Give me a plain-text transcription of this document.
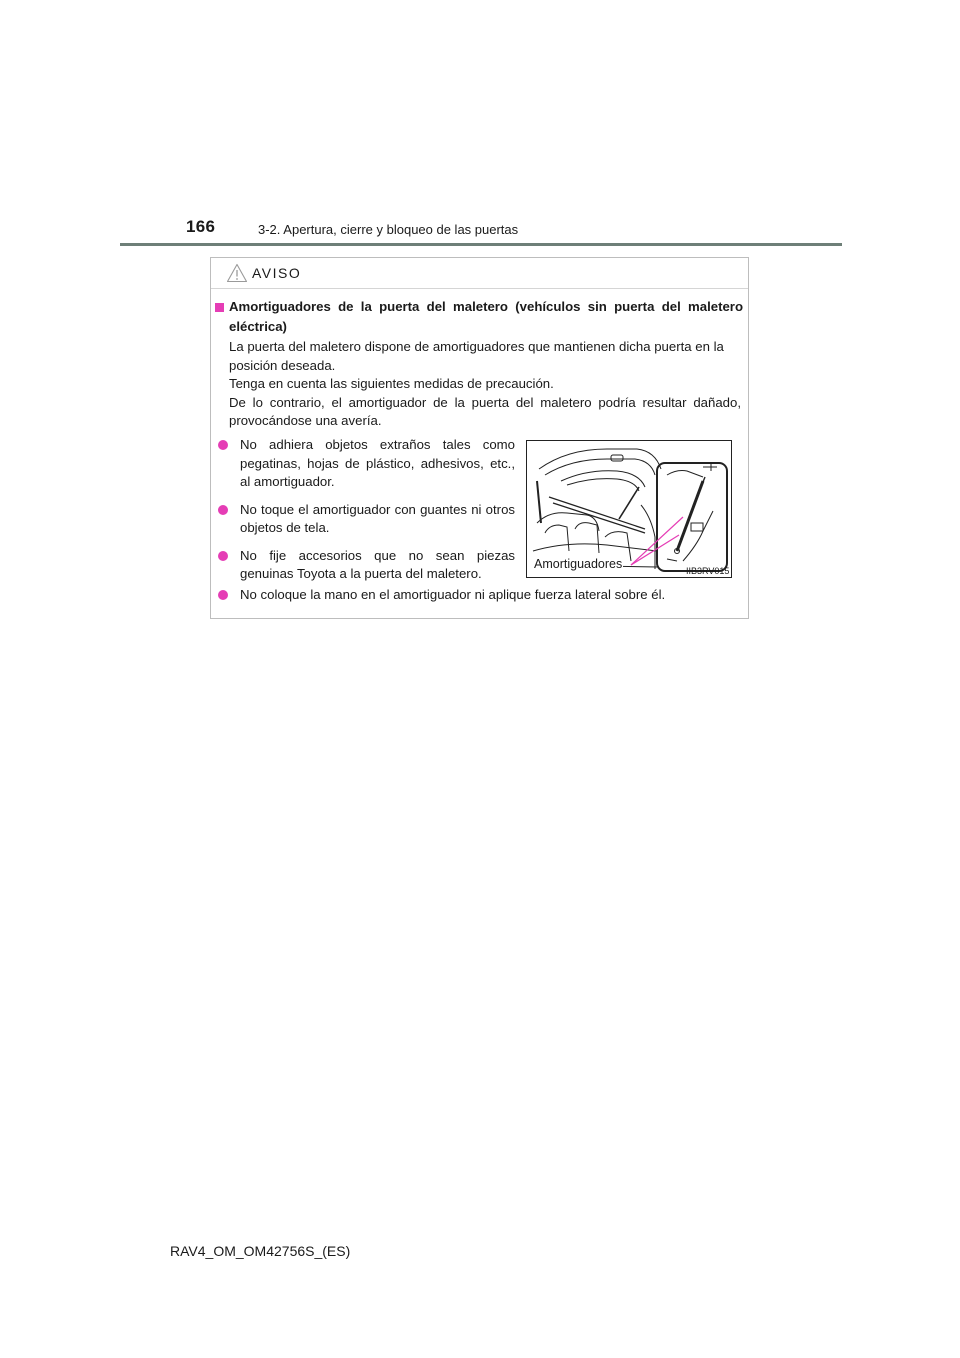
166	3-2. Apertura, cierre y bloqueo de las puertas
AVISO
Amortiguadores de la puerta del maletero (vehículos sin puerta del maletero eléctrica)

La puerta del maletero dispone de amortiguadores que mantienen dicha puerta en la posición deseada.

Tenga en cuenta las siguientes medidas de precaución.

De lo contrario, el amortiguador de la puerta del maletero podría resultar dañado, provocándose una avería.

No adhiera objetos extraños tales como pegatinas, hojas de plástico, adhesivos, etc., al amortiguador.
No toque el amortiguador con guantes ni otros objetos de tela.
No fije accesorios que no sean piezas genuinas Toyota a la puerta del maletero.
No coloque la mano en el amortiguador ni aplique fuerza lateral sobre él.
Amortiguadores	IIB3RV015
RAV4_OM_OM42756S_(ES)
